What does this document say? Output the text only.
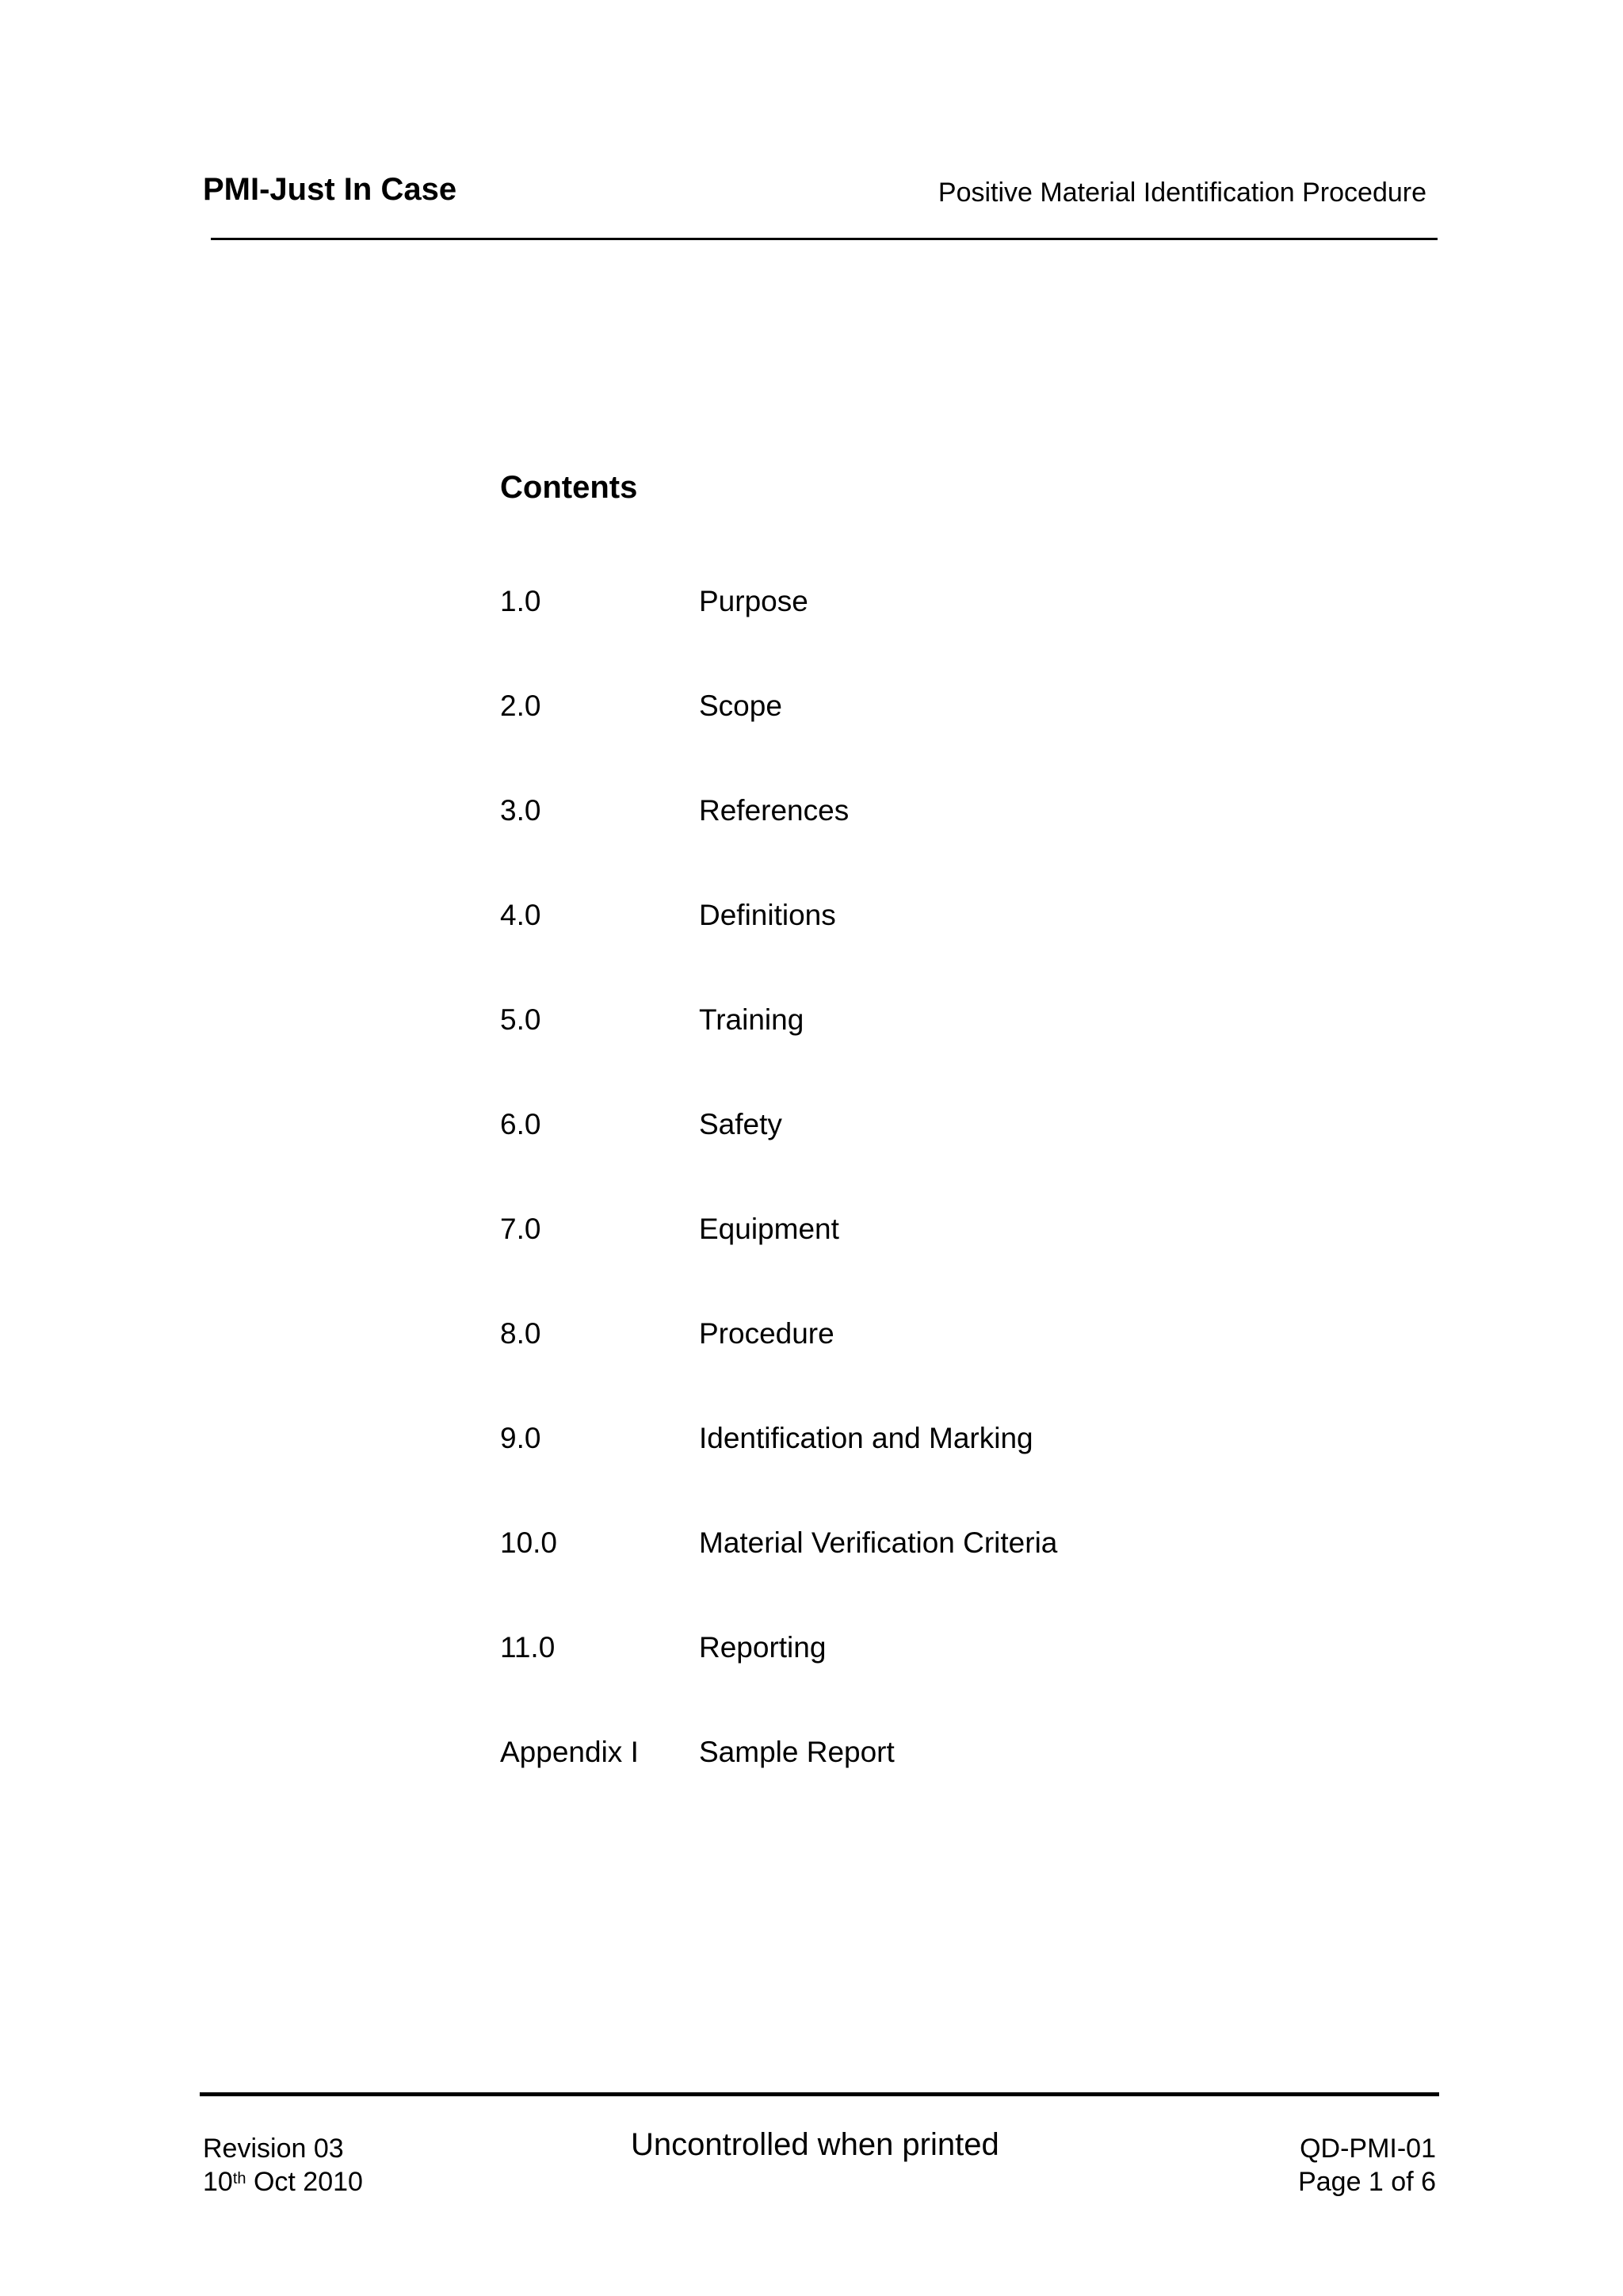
PMI-Just In Case	Positive Material Identification Procedure
Contents
1.0	Purpose
2.0	Scope
3.0	References
4.0	Definitions
5.0	Training
6.0	Safety
7.0	Equipment
8.0	Procedure
9.0	Identification and Marking
10.0	Material Verification Criteria
11.0	Reporting
Appendix I Sample Report
Revision 03
10th Oct 2010
Uncontrolled when printed	QD-PMI-01
Page 1 of 6
